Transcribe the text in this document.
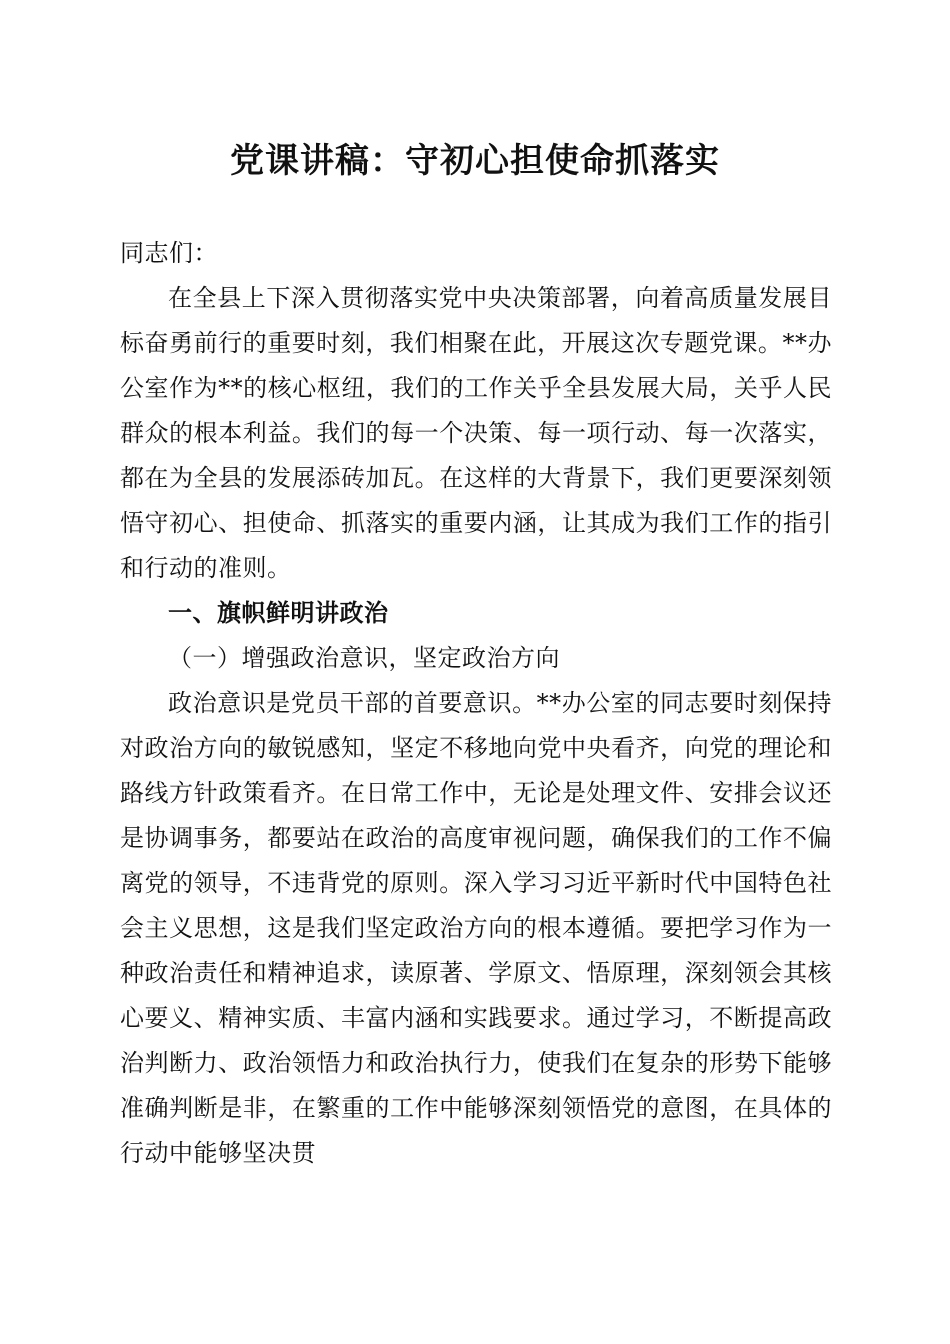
党课讲稿：守初心担使命抓落实

同志们：

在全县上下深入贯彻落实党中央决策部署，向着高质量发展目标奋勇前行的重要时刻，我们相聚在此，开展这次专题党课。**办公室作为**的核心枢纽，我们的工作关乎全县发展大局，关乎人民群众的根本利益。我们的每一个决策、每一项行动、每一次落实，都在为全县的发展添砖加瓦。在这样的大背景下，我们更要深刻领悟守初心、担使命、抓落实的重要内涵，让其成为我们工作的指引和行动的准则。

一、旗帜鲜明讲政治

（一）增强政治意识，坚定政治方向

政治意识是党员干部的首要意识。**办公室的同志要时刻保持对政治方向的敏锐感知，坚定不移地向党中央看齐，向党的理论和路线方针政策看齐。在日常工作中，无论是处理文件、安排会议还是协调事务，都要站在政治的高度审视问题，确保我们的工作不偏离党的领导，不违背党的原则。深入学习习近平新时代中国特色社会主义思想，这是我们坚定政治方向的根本遵循。要把学习作为一种政治责任和精神追求，读原著、学原文、悟原理，深刻领会其核心要义、精神实质、丰富内涵和实践要求。通过学习，不断提高政治判断力、政治领悟力和政治执行力，使我们在复杂的形势下能够准确判断是非，在繁重的工作中能够深刻领悟党的意图，在具体的行动中能够坚决贯
